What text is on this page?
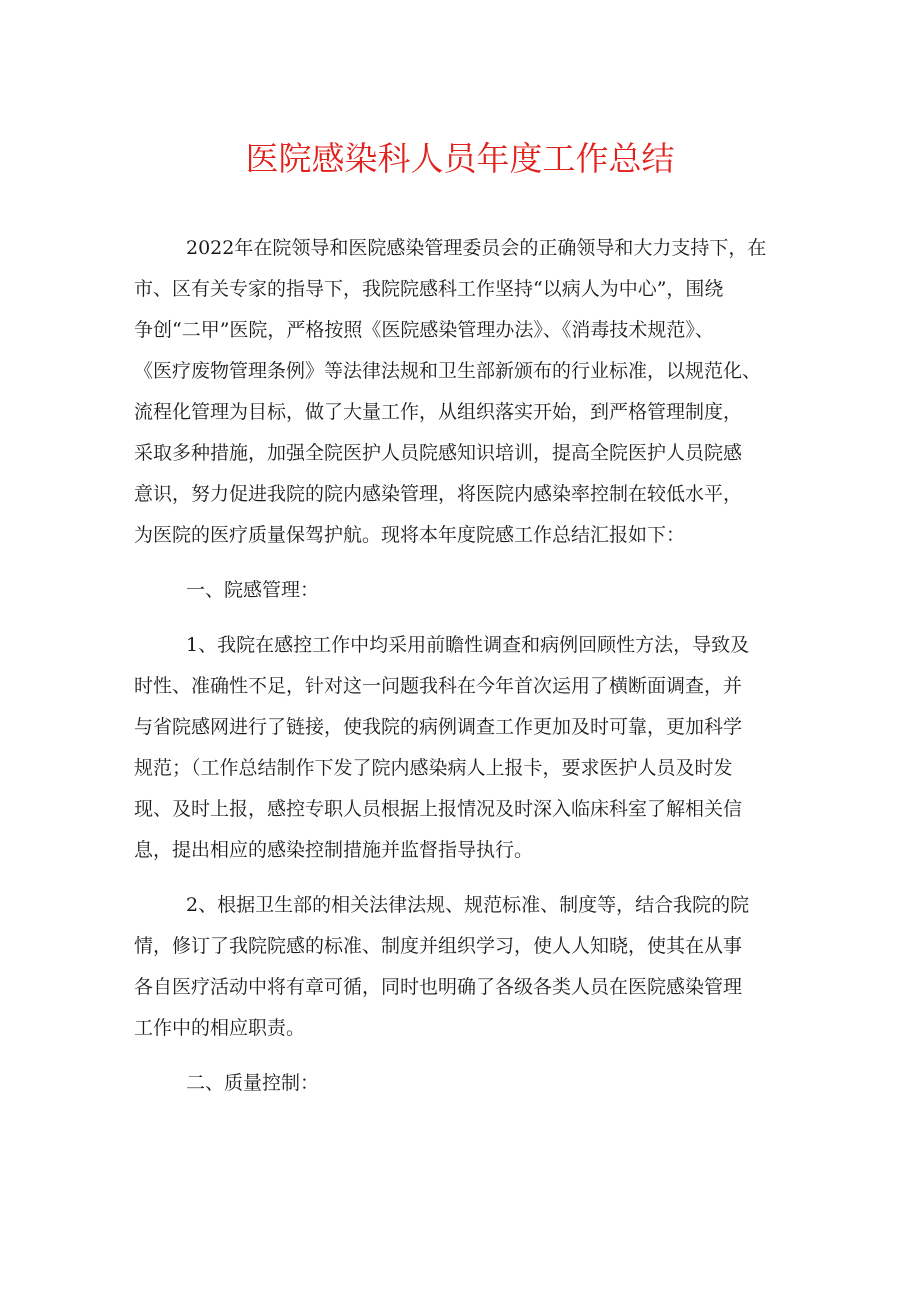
医院感染科人员年度工作总结
2022年在院领导和医院感染管理委员会的正确领导和大力支持下，在
市、区有关专家的指导下，我院院感科工作坚持“以病人为中心”，围绕
争创“二甲”医院，严格按照《医院感染管理办法》、《消毒技术规范》、
《医疗废物管理条例》等法律法规和卫生部新颁布的行业标准，以规范化、
流程化管理为目标，做了大量工作，从组织落实开始，到严格管理制度，
采取多种措施，加强全院医护人员院感知识培训，提高全院医护人员院感
意识，努力促进我院的院内感染管理，将医院内感染率控制在较低水平，
为医院的医疗质量保驾护航。现将本年度院感工作总结汇报如下：
一、院感管理：
1、我院在感控工作中均采用前瞻性调查和病例回顾性方法，导致及
时性、准确性不足，针对这一问题我科在今年首次运用了横断面调查，并
与省院感网进行了链接，使我院的病例调查工作更加及时可靠，更加科学
规范；（工作总结制作下发了院内感染病人上报卡，要求医护人员及时发
现、及时上报，感控专职人员根据上报情况及时深入临床科室了解相关信
息，提出相应的感染控制措施并监督指导执行。
2、根据卫生部的相关法律法规、规范标准、制度等，结合我院的院
情，修订了我院院感的标准、制度并组织学习，使人人知晓，使其在从事
各自医疗活动中将有章可循，同时也明确了各级各类人员在医院感染管理
工作中的相应职责。
二、质量控制：
